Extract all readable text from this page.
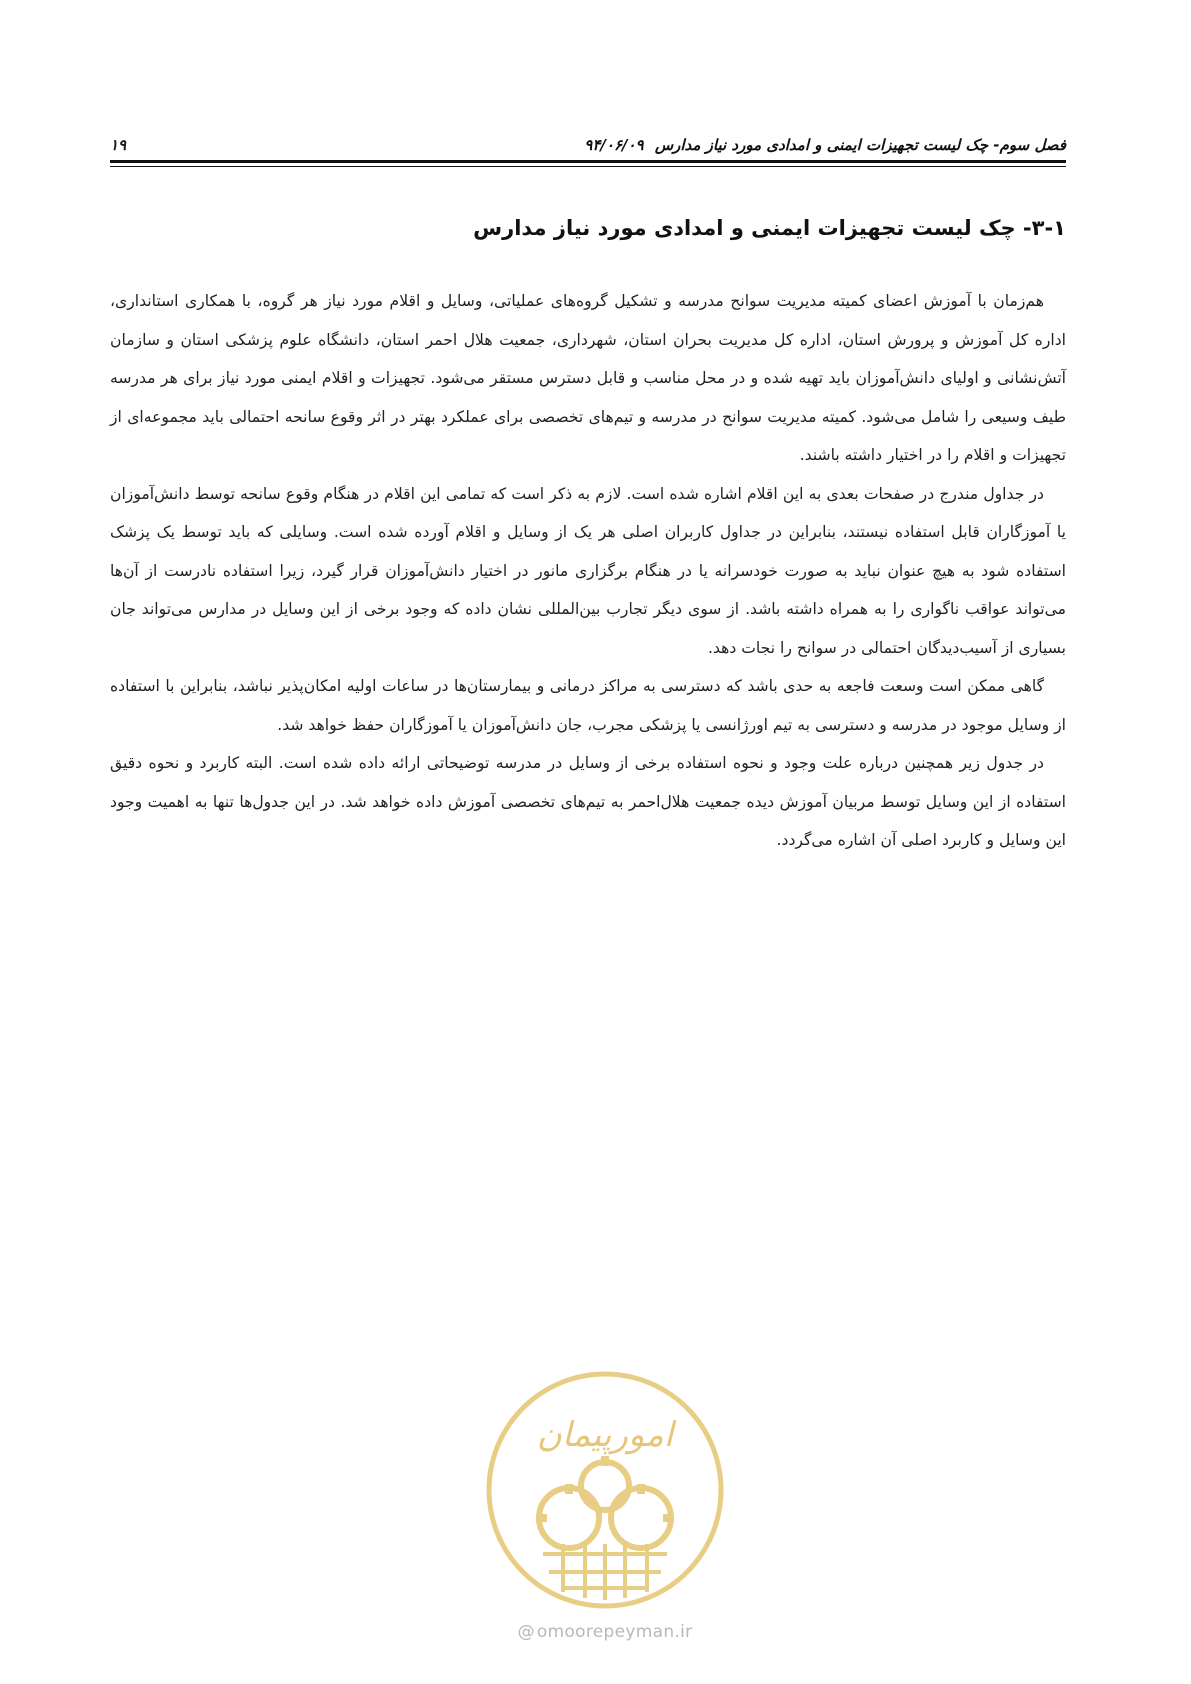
فصل سوم- چک لیست تجهیزات ایمنی و امدادی مورد نیاز مدارس ۹۴/۰۶/۰۹
۱۹
۳-۱- چک لیست تجهیزات ایمنی و امدادی مورد نیاز مدارس

هم‌زمان با آموزش اعضای کمیته مدیریت سوانح مدرسه و تشکیل گروه‌های عملیاتی، وسایل و اقلام مورد نیاز هر گروه، با همکاری استانداری، اداره کل آموزش و پرورش استان، اداره کل مدیریت بحران استان، شهرداری، جمعیت هلال احمر استان، دانشگاه علوم پزشکی استان و سازمان آتش‌نشانی و اولیای دانش‌آموزان باید تهیه شده و در محل مناسب و قابل دسترس مستقر می‌شود. تجهیزات و اقلام ایمنی مورد نیاز برای هر مدرسه طیف وسیعی را شامل می‌شود. کمیته مدیریت سوانح در مدرسه و تیم‌های تخصصی برای عملکرد بهتر در اثر وقوع سانحه احتمالی باید مجموعه‌ای از تجهیزات و اقلام را در اختیار داشته باشند.

در جداول مندرج در صفحات بعدی به این اقلام اشاره شده است. لازم به ذکر است که تمامی این اقلام در هنگام وقوع سانحه توسط دانش‌آموزان یا آموزگاران قابل استفاده نیستند، بنابراین در جداول کاربران اصلی هر یک از وسایل و اقلام آورده شده است. وسایلی که باید توسط یک پزشک استفاده شود به هیچ عنوان نباید به صورت خودسرانه یا در هنگام برگزاری مانور در اختیار دانش‌آموزان قرار گیرد، زیرا استفاده نادرست از آن‌ها می‌تواند عواقب ناگواری را به همراه داشته باشد. از سوی دیگر تجارب بین‌المللی نشان داده که وجود برخی از این وسایل در مدارس می‌تواند جان بسیاری از آسیب‌دیدگان احتمالی در سوانح را نجات دهد.

گاهی ممکن است وسعت فاجعه به حدی باشد که دسترسی به مراکز درمانی و بیمارستان‌ها در ساعات اولیه امکان‌پذیر نباشد، بنابراین با استفاده از وسایل موجود در مدرسه و دسترسی به تیم اورژانسی یا پزشکی مجرب، جان دانش‌آموزان یا آموزگاران حفظ خواهد شد.

در جدول زیر همچنین درباره علت وجود و نحوه استفاده برخی از وسایل در مدرسه توضیحاتی ارائه داده شده است. البته کاربرد و نحوه دقیق استفاده از این وسایل توسط مربیان آموزش دیده جمعیت هلال‌احمر به تیم‌های تخصصی آموزش داده خواهد شد. در این جدول‌ها تنها به اهمیت وجود این وسایل و کاربرد اصلی آن اشاره می‌گردد.

امورپیمان
@ omoorepeyman.ir
